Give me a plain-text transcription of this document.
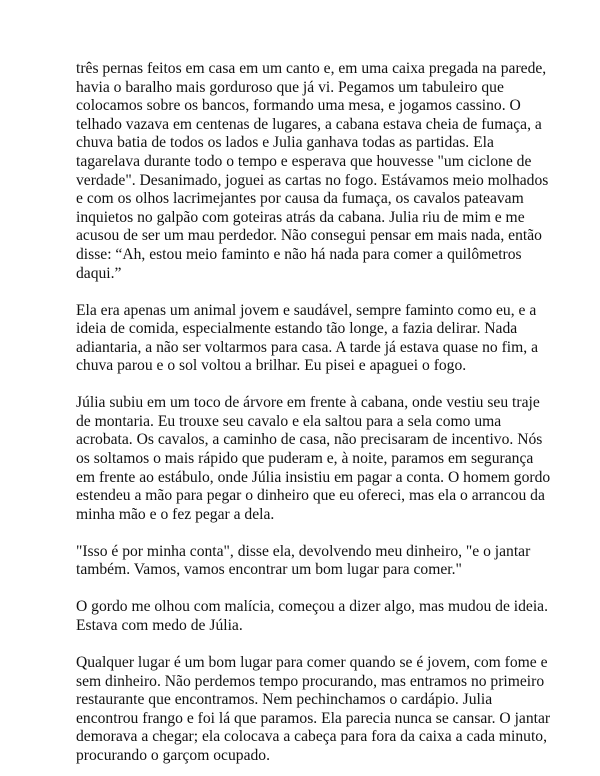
três pernas feitos em casa em um canto e, em uma caixa pregada na parede,
havia o baralho mais gorduroso que já vi. Pegamos um tabuleiro que
colocamos sobre os bancos, formando uma mesa, e jogamos cassino. O
telhado vazava em centenas de lugares, a cabana estava cheia de fumaça, a
chuva batia de todos os lados e Julia ganhava todas as partidas. Ela
tagarelava durante todo o tempo e esperava que houvesse "um ciclone de
verdade". Desanimado, joguei as cartas no fogo. Estávamos meio molhados
e com os olhos lacrimejantes por causa da fumaça, os cavalos pateavam
inquietos no galpão com goteiras atrás da cabana. Julia riu de mim e me
acusou de ser um mau perdedor. Não consegui pensar em mais nada, então
disse: “Ah, estou meio faminto e não há nada para comer a quilômetros
daqui.”

Ela era apenas um animal jovem e saudável, sempre faminto como eu, e a
ideia de comida, especialmente estando tão longe, a fazia delirar. Nada
adiantaria, a não ser voltarmos para casa. A tarde já estava quase no fim, a
chuva parou e o sol voltou a brilhar. Eu pisei e apaguei o fogo.

Júlia subiu em um toco de árvore em frente à cabana, onde vestiu seu traje
de montaria. Eu trouxe seu cavalo e ela saltou para a sela como uma
acrobata. Os cavalos, a caminho de casa, não precisaram de incentivo. Nós
os soltamos o mais rápido que puderam e, à noite, paramos em segurança
em frente ao estábulo, onde Júlia insistiu em pagar a conta. O homem gordo
estendeu a mão para pegar o dinheiro que eu ofereci, mas ela o arrancou da
minha mão e o fez pegar a dela.

"Isso é por minha conta", disse ela, devolvendo meu dinheiro, "e o jantar
também. Vamos, vamos encontrar um bom lugar para comer."

O gordo me olhou com malícia, começou a dizer algo, mas mudou de ideia.
Estava com medo de Júlia.

Qualquer lugar é um bom lugar para comer quando se é jovem, com fome e
sem dinheiro. Não perdemos tempo procurando, mas entramos no primeiro
restaurante que encontramos. Nem pechinchamos o cardápio. Julia
encontrou frango e foi lá que paramos. Ela parecia nunca se cansar. O jantar
demorava a chegar; ela colocava a cabeça para fora da caixa a cada minuto,
procurando o garçom ocupado.
